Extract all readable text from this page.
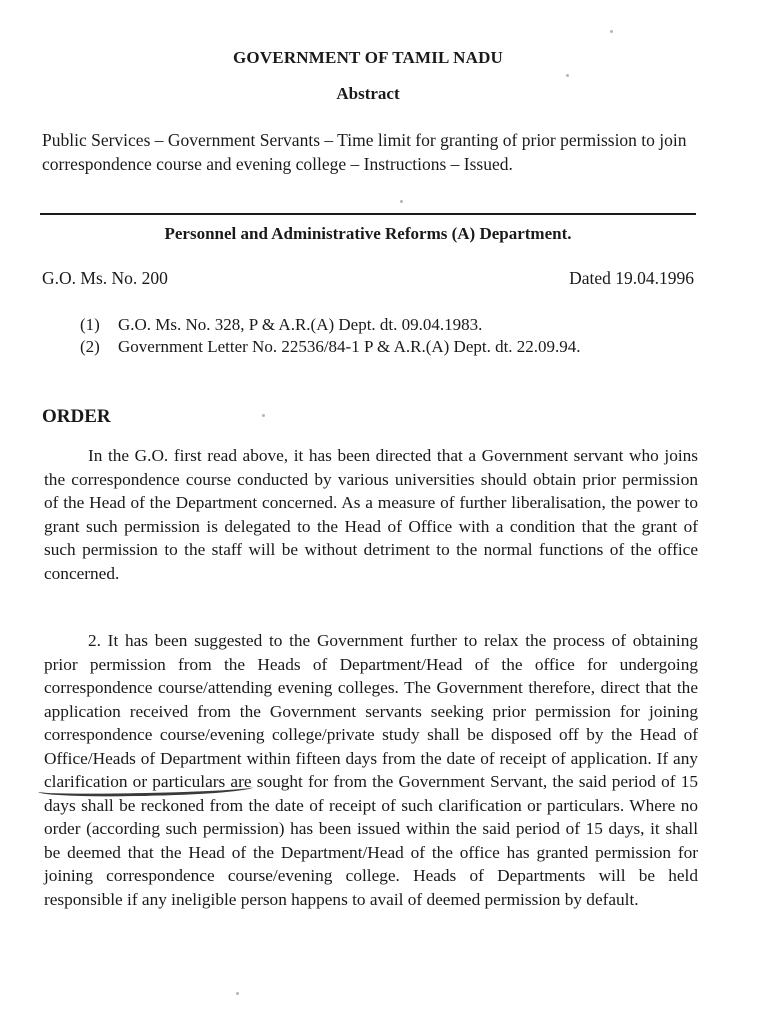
GOVERNMENT OF TAMIL NADU
Abstract
Public Services – Government Servants – Time limit for granting of prior permission to join correspondence course and evening college – Instructions – Issued.
Personnel and Administrative Reforms (A) Department.
G.O. Ms. No. 200	Dated 19.04.1996
(1)	G.O. Ms. No. 328, P & A.R.(A) Dept. dt. 09.04.1983.
(2)	Government Letter No. 22536/84-1 P & A.R.(A) Dept. dt. 22.09.94.
ORDER

In the G.O. first read above, it has been directed that a Government servant who joins the correspondence course conducted by various universities should obtain prior permission of the Head of the Department concerned. As a measure of further liberalisation, the power to grant such permission is delegated to the Head of Office with a condition that the grant of such permission to the staff will be without detriment to the normal functions of the office concerned.

2. It has been suggested to the Government further to relax the process of obtaining prior permission from the Heads of Department/Head of the office for undergoing correspondence course/attending evening colleges. The Government therefore, direct that the application received from the Government servants seeking prior permission for joining correspondence course/evening college/private study shall be disposed off by the Head of Office/Heads of Department within fifteen days from the date of receipt of application. If any clarification or particulars are sought for from the Government Servant, the said period of 15 days shall be reckoned from the date of receipt of such clarification or particulars. Where no order (according such permission) has been issued within the said period of 15 days, it shall be deemed that the Head of the Department/Head of the office has granted permission for joining correspondence course/evening college. Heads of Departments will be held responsible if any ineligible person happens to avail of deemed permission by default.
